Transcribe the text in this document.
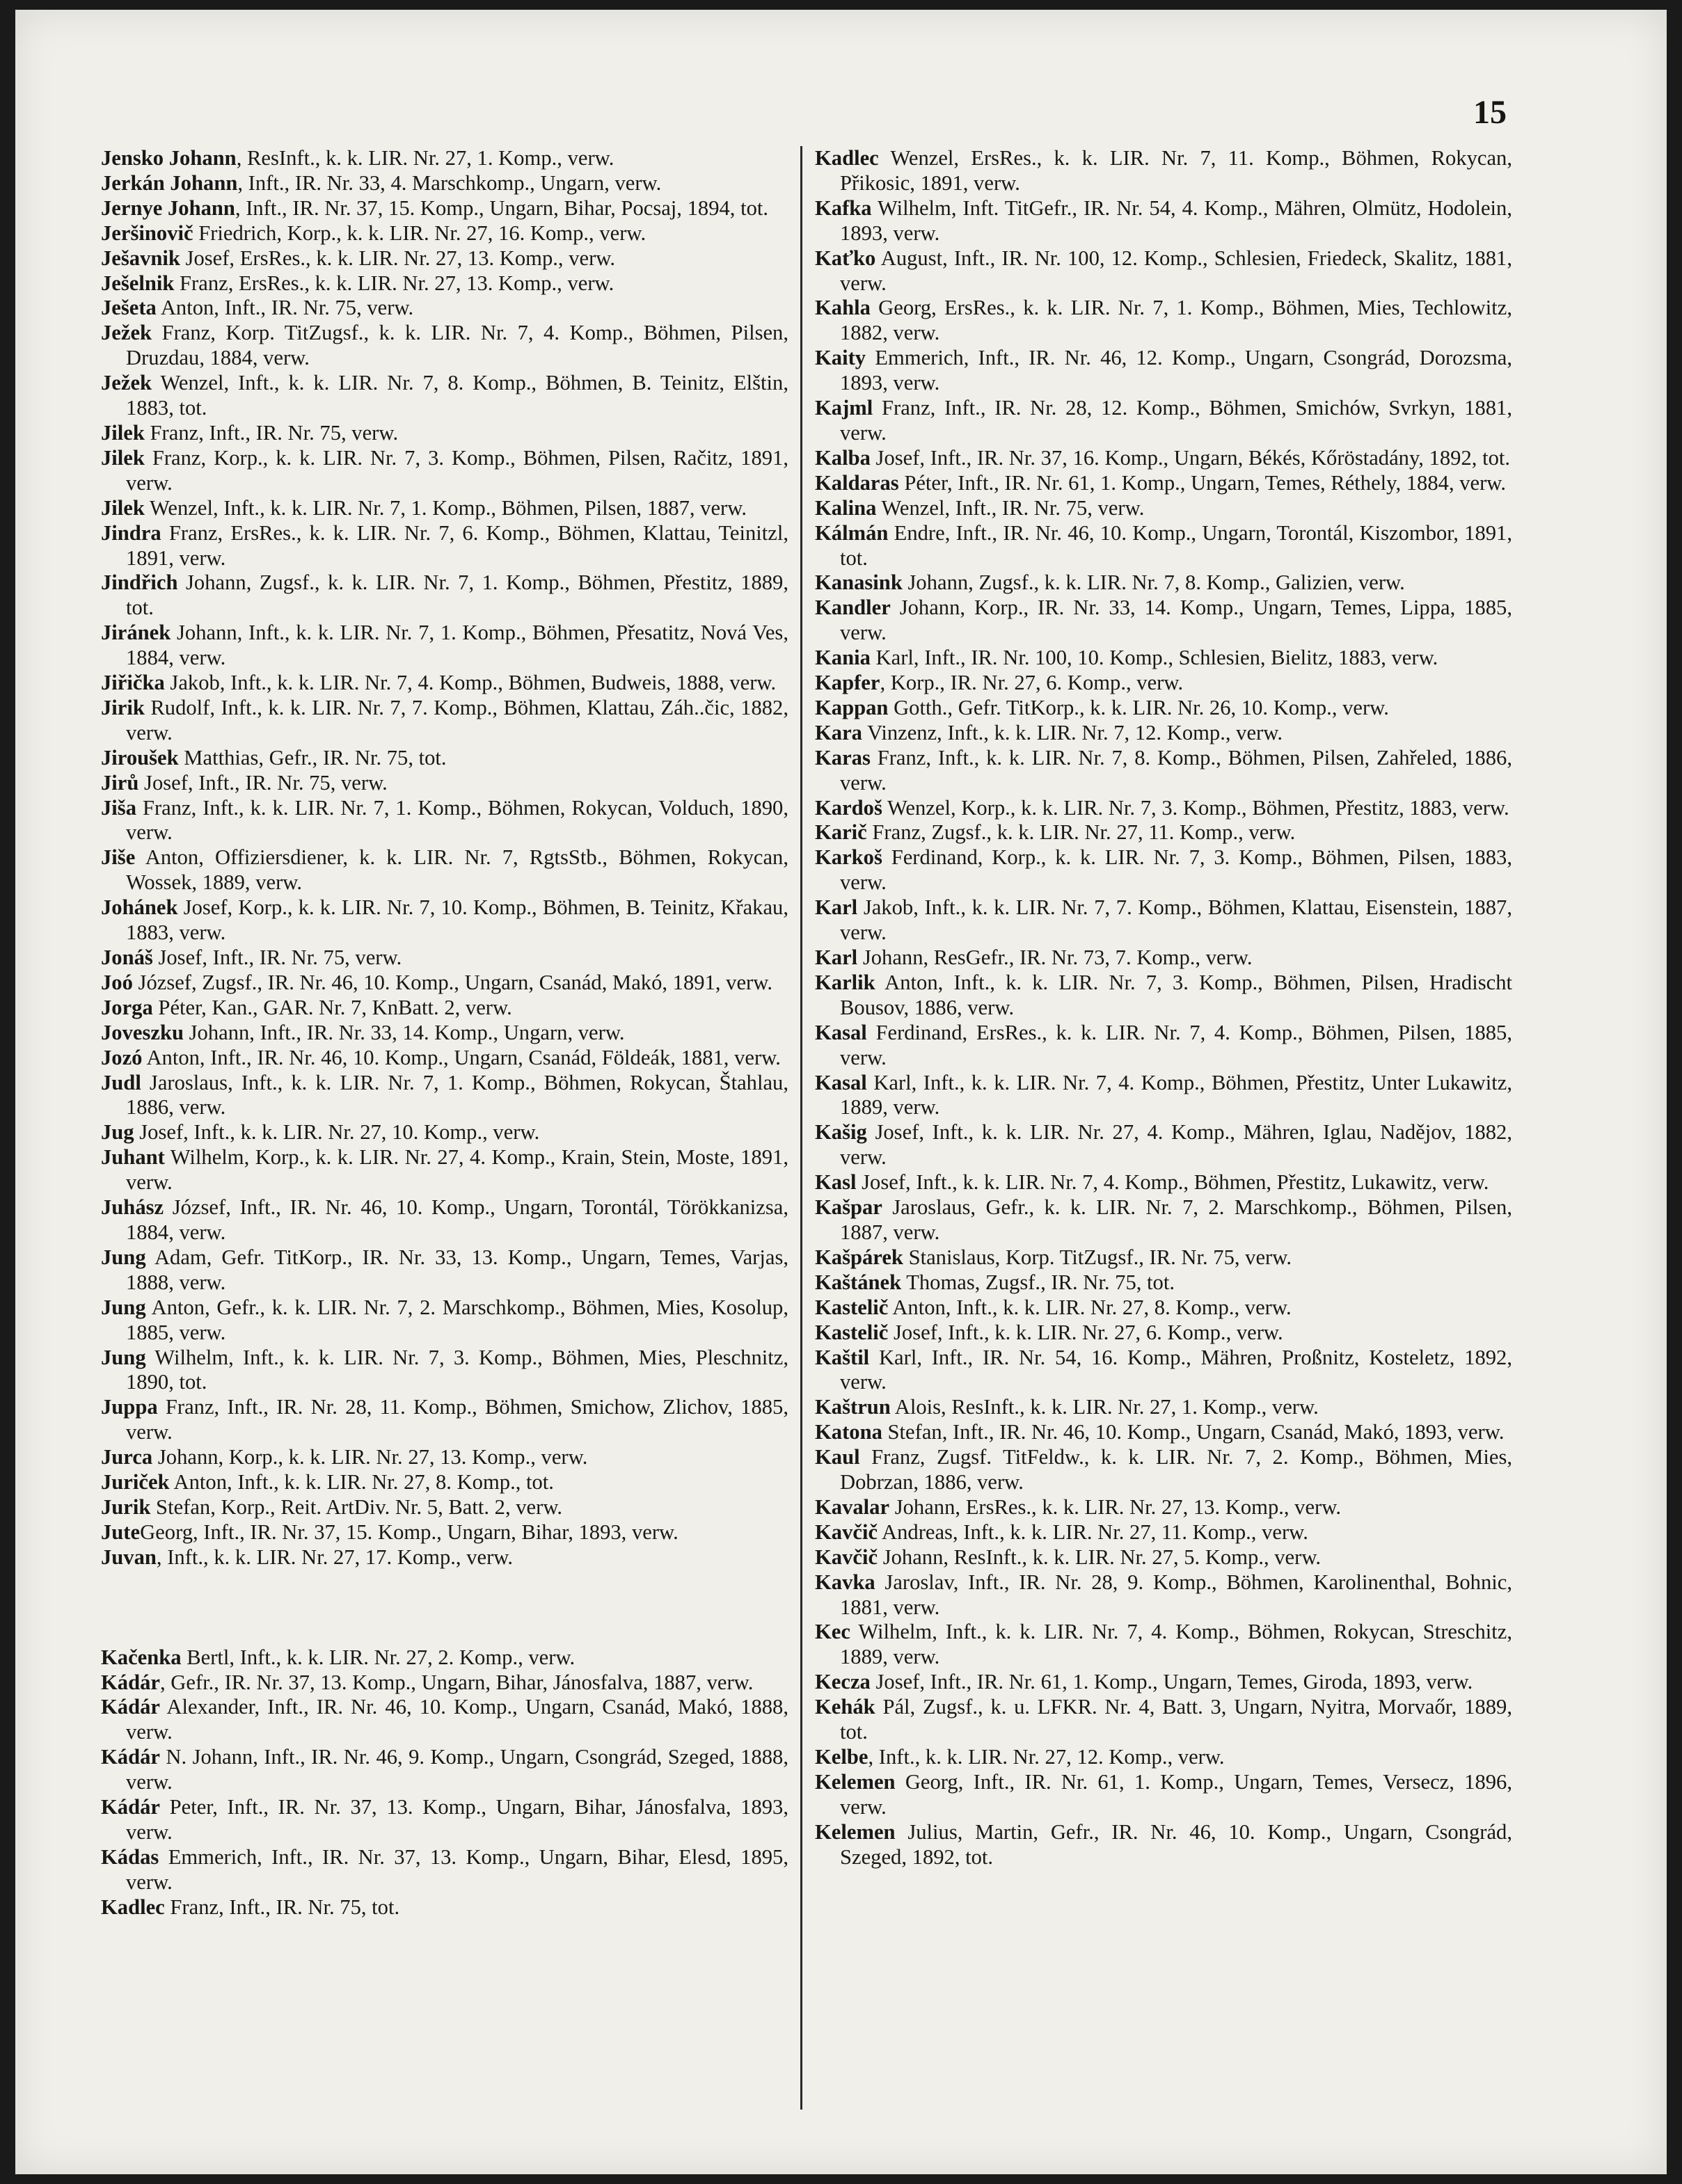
15

Jensko Johann, ResInft., k. k. LIR. Nr. 27, 1. Komp., verw.

Jerkán Johann, Inft., IR. Nr. 33, 4. Marschkomp., Ungarn, verw.

Jernye Johann, Inft., IR. Nr. 37, 15. Komp., Ungarn, Bihar, Pocsaj, 1894, tot.

Jeršinovič Friedrich, Korp., k. k. LIR. Nr. 27, 16. Komp., verw.

Ješavnik Josef, ErsRes., k. k. LIR. Nr. 27, 13. Komp., verw.

Ješelnik Franz, ErsRes., k. k. LIR. Nr. 27, 13. Komp., verw.

Ješeta Anton, Inft., IR. Nr. 75, verw.

Ježek Franz, Korp. TitZugsf., k. k. LIR. Nr. 7, 4. Komp., Böhmen, Pilsen, Druzdau, 1884, verw.

Ježek Wenzel, Inft., k. k. LIR. Nr. 7, 8. Komp., Böhmen, B. Teinitz, Elštin, 1883, tot.

Jilek Franz, Inft., IR. Nr. 75, verw.

Jilek Franz, Korp., k. k. LIR. Nr. 7, 3. Komp., Böhmen, Pilsen, Račitz, 1891, verw.

Jilek Wenzel, Inft., k. k. LIR. Nr. 7, 1. Komp., Böhmen, Pilsen, 1887, verw.

Jindra Franz, ErsRes., k. k. LIR. Nr. 7, 6. Komp., Böhmen, Klattau, Teinitzl, 1891, verw.

Jindřich Johann, Zugsf., k. k. LIR. Nr. 7, 1. Komp., Böhmen, Přestitz, 1889, tot.

Jiránek Johann, Inft., k. k. LIR. Nr. 7, 1. Komp., Böhmen, Přesatitz, Nová Ves, 1884, verw.

Jiřička Jakob, Inft., k. k. LIR. Nr. 7, 4. Komp., Böhmen, Budweis, 1888, verw.

Jirik Rudolf, Inft., k. k. LIR. Nr. 7, 7. Komp., Böhmen, Klattau, Záh..čic, 1882, verw.

Jiroušek Matthias, Gefr., IR. Nr. 75, tot.

Jirů Josef, Inft., IR. Nr. 75, verw.

Jiša Franz, Inft., k. k. LIR. Nr. 7, 1. Komp., Böhmen, Rokycan, Volduch, 1890, verw.

Jiše Anton, Offiziersdiener, k. k. LIR. Nr. 7, RgtsStb., Böhmen, Rokycan, Wossek, 1889, verw.

Johánek Josef, Korp., k. k. LIR. Nr. 7, 10. Komp., Böhmen, B. Teinitz, Křakau, 1883, verw.

Jonáš Josef, Inft., IR. Nr. 75, verw.

Joó József, Zugsf., IR. Nr. 46, 10. Komp., Ungarn, Csanád, Makó, 1891, verw.

Jorga Péter, Kan., GAR. Nr. 7, KnBatt. 2, verw.

Joveszku Johann, Inft., IR. Nr. 33, 14. Komp., Ungarn, verw.

Jozó Anton, Inft., IR. Nr. 46, 10. Komp., Ungarn, Csanád, Földeák, 1881, verw.

Judl Jaroslaus, Inft., k. k. LIR. Nr. 7, 1. Komp., Böhmen, Rokycan, Štahlau, 1886, verw.

Jug Josef, Inft., k. k. LIR. Nr. 27, 10. Komp., verw.

Juhant Wilhelm, Korp., k. k. LIR. Nr. 27, 4. Komp., Krain, Stein, Moste, 1891, verw.

Juhász József, Inft., IR. Nr. 46, 10. Komp., Ungarn, Torontál, Törökkanizsa, 1884, verw.

Jung Adam, Gefr. TitKorp., IR. Nr. 33, 13. Komp., Ungarn, Temes, Varjas, 1888, verw.

Jung Anton, Gefr., k. k. LIR. Nr. 7, 2. Marschkomp., Böhmen, Mies, Kosolup, 1885, verw.

Jung Wilhelm, Inft., k. k. LIR. Nr. 7, 3. Komp., Böhmen, Mies, Pleschnitz, 1890, tot.

Juppa Franz, Inft., IR. Nr. 28, 11. Komp., Böhmen, Smichow, Zlichov, 1885, verw.

Jurca Johann, Korp., k. k. LIR. Nr. 27, 13. Komp., verw.

Juriček Anton, Inft., k. k. LIR. Nr. 27, 8. Komp., tot.

Jurik Stefan, Korp., Reit. ArtDiv. Nr. 5, Batt. 2, verw.

JuteGeorg, Inft., IR. Nr. 37, 15. Komp., Ungarn, Bihar, 1893, verw.

Juvan, Inft., k. k. LIR. Nr. 27, 17. Komp., verw.

Kačenka Bertl, Inft., k. k. LIR. Nr. 27, 2. Komp., verw.

Kádár, Gefr., IR. Nr. 37, 13. Komp., Ungarn, Bihar, Jánosfalva, 1887, verw.

Kádár Alexander, Inft., IR. Nr. 46, 10. Komp., Ungarn, Csanád, Makó, 1888, verw.

Kádár N. Johann, Inft., IR. Nr. 46, 9. Komp., Ungarn, Csongrád, Szeged, 1888, verw.

Kádár Peter, Inft., IR. Nr. 37, 13. Komp., Ungarn, Bihar, Jánosfalva, 1893, verw.

Kádas Emmerich, Inft., IR. Nr. 37, 13. Komp., Ungarn, Bihar, Elesd, 1895, verw.

Kadlec Franz, Inft., IR. Nr. 75, tot.

Kadlec Wenzel, ErsRes., k. k. LIR. Nr. 7, 11. Komp., Böhmen, Rokycan, Přikosic, 1891, verw.

Kafka Wilhelm, Inft. TitGefr., IR. Nr. 54, 4. Komp., Mähren, Olmütz, Hodolein, 1893, verw.

Kaťko August, Inft., IR. Nr. 100, 12. Komp., Schlesien, Friedeck, Skalitz, 1881, verw.

Kahla Georg, ErsRes., k. k. LIR. Nr. 7, 1. Komp., Böhmen, Mies, Techlowitz, 1882, verw.

Kaity Emmerich, Inft., IR. Nr. 46, 12. Komp., Ungarn, Csongrád, Dorozsma, 1893, verw.

Kajml Franz, Inft., IR. Nr. 28, 12. Komp., Böhmen, Smichów, Svrkyn, 1881, verw.

Kalba Josef, Inft., IR. Nr. 37, 16. Komp., Ungarn, Békés, Kőröstadány, 1892, tot.

Kaldaras Péter, Inft., IR. Nr. 61, 1. Komp., Ungarn, Temes, Réthely, 1884, verw.

Kalina Wenzel, Inft., IR. Nr. 75, verw.

Kálmán Endre, Inft., IR. Nr. 46, 10. Komp., Ungarn, Torontál, Kiszombor, 1891, tot.

Kanasink Johann, Zugsf., k. k. LIR. Nr. 7, 8. Komp., Galizien, verw.

Kandler Johann, Korp., IR. Nr. 33, 14. Komp., Ungarn, Temes, Lippa, 1885, verw.

Kania Karl, Inft., IR. Nr. 100, 10. Komp., Schlesien, Bielitz, 1883, verw.

Kapfer, Korp., IR. Nr. 27, 6. Komp., verw.

Kappan Gotth., Gefr. TitKorp., k. k. LIR. Nr. 26, 10. Komp., verw.

Kara Vinzenz, Inft., k. k. LIR. Nr. 7, 12. Komp., verw.

Karas Franz, Inft., k. k. LIR. Nr. 7, 8. Komp., Böhmen, Pilsen, Zahřeled, 1886, verw.

Kardoš Wenzel, Korp., k. k. LIR. Nr. 7, 3. Komp., Böhmen, Přestitz, 1883, verw.

Karič Franz, Zugsf., k. k. LIR. Nr. 27, 11. Komp., verw.

Karkoš Ferdinand, Korp., k. k. LIR. Nr. 7, 3. Komp., Böhmen, Pilsen, 1883, verw.

Karl Jakob, Inft., k. k. LIR. Nr. 7, 7. Komp., Böhmen, Klattau, Eisenstein, 1887, verw.

Karl Johann, ResGefr., IR. Nr. 73, 7. Komp., verw.

Karlik Anton, Inft., k. k. LIR. Nr. 7, 3. Komp., Böhmen, Pilsen, Hradischt Bousov, 1886, verw.

Kasal Ferdinand, ErsRes., k. k. LIR. Nr. 7, 4. Komp., Böhmen, Pilsen, 1885, verw.

Kasal Karl, Inft., k. k. LIR. Nr. 7, 4. Komp., Böhmen, Přestitz, Unter Lukawitz, 1889, verw.

Kašig Josef, Inft., k. k. LIR. Nr. 27, 4. Komp., Mähren, Iglau, Nadějov, 1882, verw.

Kasl Josef, Inft., k. k. LIR. Nr. 7, 4. Komp., Böhmen, Přestitz, Lukawitz, verw.

Kašpar Jaroslaus, Gefr., k. k. LIR. Nr. 7, 2. Marschkomp., Böhmen, Pilsen, 1887, verw.

Kašpárek Stanislaus, Korp. TitZugsf., IR. Nr. 75, verw.

Kaštánek Thomas, Zugsf., IR. Nr. 75, tot.

Kastelič Anton, Inft., k. k. LIR. Nr. 27, 8. Komp., verw.

Kastelič Josef, Inft., k. k. LIR. Nr. 27, 6. Komp., verw.

Kaštil Karl, Inft., IR. Nr. 54, 16. Komp., Mähren, Proßnitz, Kosteletz, 1892, verw.

Kaštrun Alois, ResInft., k. k. LIR. Nr. 27, 1. Komp., verw.

Katona Stefan, Inft., IR. Nr. 46, 10. Komp., Ungarn, Csanád, Makó, 1893, verw.

Kaul Franz, Zugsf. TitFeldw., k. k. LIR. Nr. 7, 2. Komp., Böhmen, Mies, Dobrzan, 1886, verw.

Kavalar Johann, ErsRes., k. k. LIR. Nr. 27, 13. Komp., verw.

Kavčič Andreas, Inft., k. k. LIR. Nr. 27, 11. Komp., verw.

Kavčič Johann, ResInft., k. k. LIR. Nr. 27, 5. Komp., verw.

Kavka Jaroslav, Inft., IR. Nr. 28, 9. Komp., Böhmen, Karolinenthal, Bohnic, 1881, verw.

Kec Wilhelm, Inft., k. k. LIR. Nr. 7, 4. Komp., Böhmen, Rokycan, Streschitz, 1889, verw.

Kecza Josef, Inft., IR. Nr. 61, 1. Komp., Ungarn, Temes, Giroda, 1893, verw.

Kehák Pál, Zugsf., k. u. LFKR. Nr. 4, Batt. 3, Ungarn, Nyitra, Morvaőr, 1889, tot.

Kelbe, Inft., k. k. LIR. Nr. 27, 12. Komp., verw.

Kelemen Georg, Inft., IR. Nr. 61, 1. Komp., Ungarn, Temes, Versecz, 1896, verw.

Kelemen Julius, Martin, Gefr., IR. Nr. 46, 10. Komp., Ungarn, Csongrád, Szeged, 1892, tot.
